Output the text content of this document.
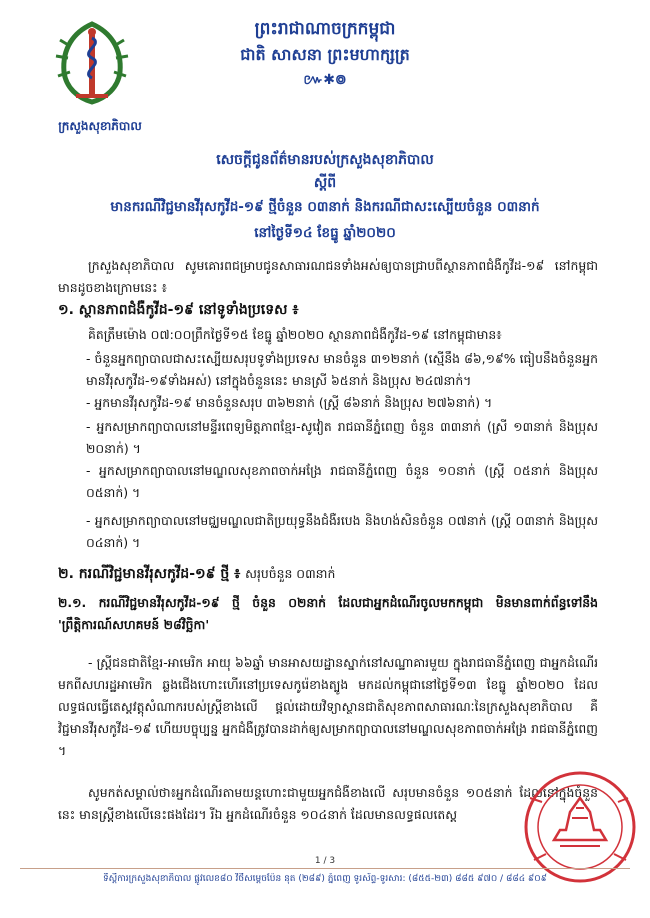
ក្រសួងសុខាភិបាល
ព្រះរាជាណាចក្រកម្ពុជា
ជាតិ សាសនា ព្រះមហាក្សត្រ
៚✱៙
សេចក្តីជូនព័ត៌មានរបស់ក្រសួងសុខាភិបាល
ស្តីពី
មានករណីវិជ្ជមានវីរុសកូវីដ-១៩ ថ្មីចំនួន ០៣នាក់ និងករណីជាសះស្បើយចំនួន ០៣នាក់
នៅថ្ងៃទី១៤ ខែធ្នូ ឆ្នាំ២០២០

ក្រសួងសុខាភិបាល សូមគោរពជម្រាបជូនសាធារណជនទាំងអស់ឲ្យបានជ្រាបពីស្ថានភាពជំងឺកូវីដ-១៩ នៅកម្ពុជា មានដូចខាងក្រោមនេះ ៖

១. ស្ថានភាពជំងឺកូវីដ-១៩ នៅទូទាំងប្រទេស ៖

គិតត្រឹមម៉ោង ០៧:០០ព្រឹកថ្ងៃទី១៥ ខែធ្នូ ឆ្នាំ២០២០ ស្ថានភាពជំងឺកូវីដ-១៩ នៅកម្ពុជាមាន៖

- ចំនួនអ្នកព្យាបាលជាសះស្បើយសរុបទូទាំងប្រទេស មានចំនួន ៣១២នាក់ (ស្មើនឹង ៨៦,១៩% ធៀបនឹងចំនួនអ្នកមានវីរុសកូវីដ-១៩ទាំងអស់) នៅក្នុងចំនួននេះ មានស្រី ៦៥នាក់ និងប្រុស ២៤៧នាក់។

- អ្នកមានវីរុសកូវីដ-១៩ មានចំនួនសរុប ៣៦២នាក់ (ស្ត្រី ៨៦នាក់ និងប្រុស ២៧៦នាក់) ។

- អ្នកសម្រាកព្យាបាលនៅមន្ទីរពេទ្យមិត្តភាពខ្មែរ-សូវៀត រាជធានីភ្នំពេញ ចំនួន ៣៣នាក់ (ស្រី ១៣នាក់ និងប្រុស ២០នាក់) ។

- អ្នកសម្រាកព្យាបាលនៅមណ្ឌលសុខភាពចាក់អង្រែ រាជធានីភ្នំពេញ ចំនួន ១០នាក់ (ស្ត្រី ០៥នាក់ និងប្រុស ០៥នាក់) ។

- អ្នកសម្រាកព្យាបាលនៅមជ្ឈមណ្ឌលជាតិប្រយុទ្ធនឹងជំងឺរបេង និងហង់សិនចំនួន ០៧នាក់ (ស្ត្រី ០៣នាក់ និងប្រុស ០៤នាក់) ។

២. ករណីវិជ្ជមានវីរុសកូវីដ-១៩ ថ្មី ៖ សរុបចំនួន ០៣នាក់

២.១. ករណីវិជ្ជមានវីរុសកូវីដ-១៩ ថ្មី ចំនួន ០២នាក់ ដែលជាអ្នកដំណើរចូលមកកម្ពុជា មិនមានពាក់ព័ន្ធទៅនឹង 'ព្រឹត្តិការណ៍សហគមន៍ ២៨វិច្ឆិកា'

- ស្ត្រីជនជាតិខ្មែរ-អាមេរិក អាយុ ៦៦ឆ្នាំ មានអាសយដ្ឋានស្នាក់នៅសណ្ឋាគារមួយ ក្នុងរាជធានីភ្នំពេញ ជាអ្នកដំណើរមកពីសហរដ្ឋអាមេរិក ឆ្លងជើងហោះហើរនៅប្រទេសកូរ៉េខាងត្បូង មកដល់កម្ពុជានៅថ្ងៃទី១៣ ខែធ្នូ ឆ្នាំ២០២០ ដែលលទ្ធផលធ្វើតេស្តវត្តុសំណាករបស់ស្ត្រីខាងលើ ផ្តល់ដោយវិទ្យាស្ថានជាតិសុខភាពសាធារណៈនៃក្រសួងសុខាភិបាល គឺ វិជ្ជមានវីរុសកូវីដ-១៩ ហើយបច្ចុប្បន្ន អ្នកជំងឺត្រូវបានដាក់ឲ្យសម្រាកព្យាបាលនៅមណ្ឌលសុខភាពចាក់អង្រែ រាជធានីភ្នំពេញ ។

សូមកត់សម្គាល់ថា៖អ្នកដំណើរតាមយន្តហោះជាមួយអ្នកជំងឺខាងលើ សរុបមានចំនួន ១០៥នាក់ ដែលនៅក្នុងចំនួននេះ មានស្ត្រីខាងលើនេះផងដែរ។ រីឯ អ្នកដំណើរចំនួន ១០៤នាក់ ដែលមានលទ្ធផលតេស្ត

1 / 3
ទីស្តីការក្រសួងសុខាភិបាល ផ្លូវលេខ៨០ វិថីសម្តេចប៉ែន នុត (២៨៩) ភ្នំពេញ ទូរស័ព្ទ-ទូរសារ: (៨៥៥-២៣) ៨៨៥ ៩៧០ / ៨៨៤ ៩០៩
